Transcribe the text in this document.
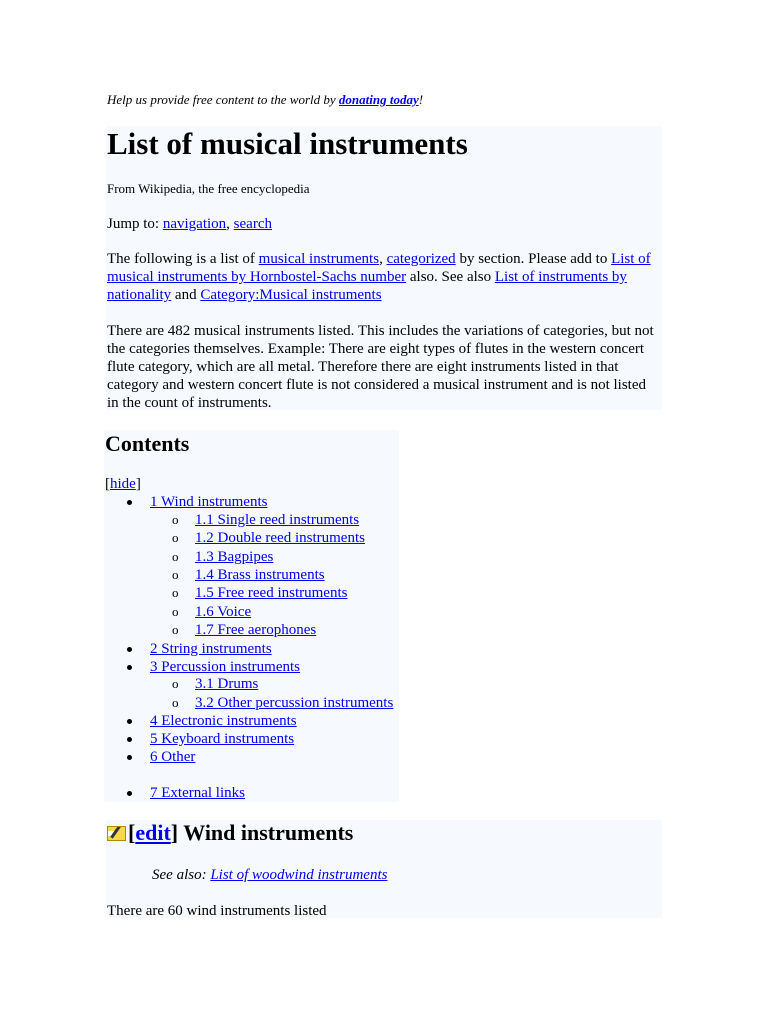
Help us provide free content to the world by donating today!
List of musical instruments
From Wikipedia, the free encyclopedia
Jump to: navigation, search
The following is a list of musical instruments, categorized by section. Please add to List of
musical instruments by Hornbostel-Sachs number also. See also List of instruments by
nationality and Category:Musical instruments
There are 482 musical instruments listed. This includes the variations of categories, but not
the categories themselves. Example: There are eight types of flutes in the western concert
flute category, which are all metal. Therefore there are eight instruments listed in that
category and western concert flute is not considered a musical instrument and is not listed
in the count of instruments.
Contents
[hide]
1 Wind instruments
o 1.1 Single reed instruments
o 1.2 Double reed instruments
o 1.3 Bagpipes
o 1.4 Brass instruments
o 1.5 Free reed instruments
o 1.6 Voice
o 1.7 Free aerophones
2 String instruments
3 Percussion instruments
o 3.1 Drums
o 3.2 Other percussion instruments
4 Electronic instruments
5 Keyboard instruments
6 Other
7 External links
[edit] Wind instruments
See also: List of woodwind instruments
There are 60 wind instruments listed
